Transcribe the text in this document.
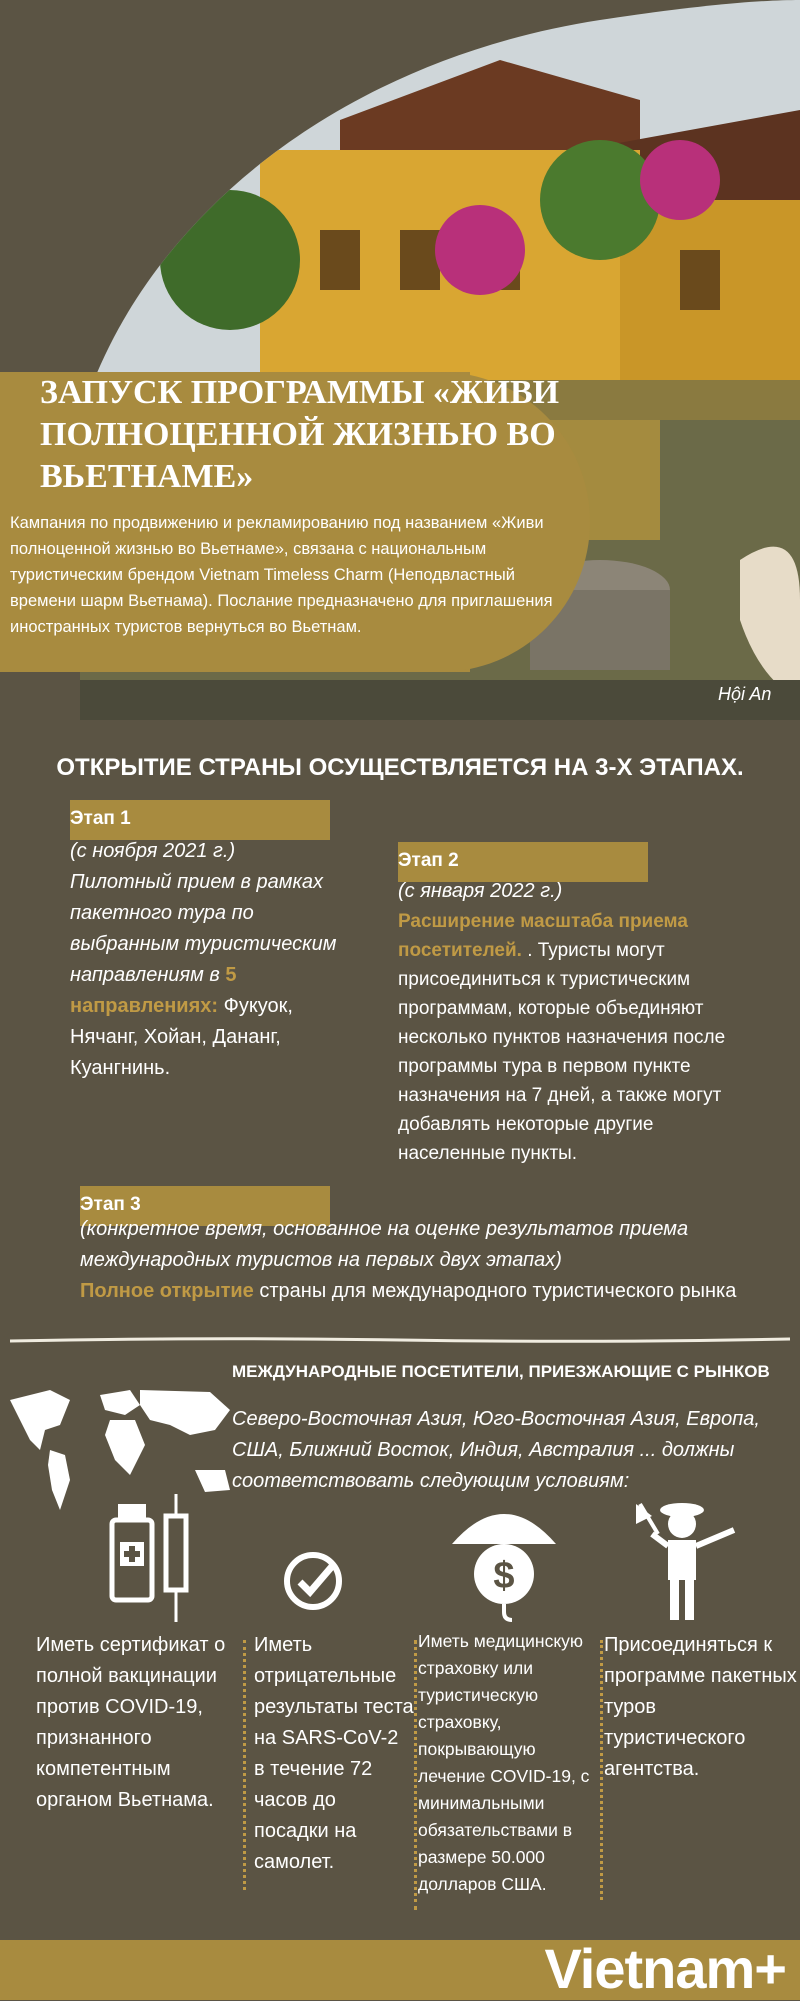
ЗАПУСК ПРОГРАММЫ «ЖИВИ ПОЛНОЦЕННОЙ ЖИЗНЬЮ ВО ВЬЕТНАМЕ»

Кампания по продвижению и рекламированию под названием «Живи полноценной жизнью во Вьетнаме», связана с национальным туристическим брендом Vietnam Timeless Charm (Неподвластный времени шарм Вьетнама). Послание предназначено для приглашения иностранных туристов вернуться во Вьетнам.

Hội An
ОТКРЫТИЕ СТРАНЫ ОСУЩЕСТВЛЯЕТСЯ НА 3-Х ЭТАПАХ.
Этап 1
(с ноября 2021 г.)
Пилотный прием в рамках пакетного тура по выбранным туристическим направлениям в 5 направлениях: Фукуок, Нячанг, Хойан, Дананг, Куангнинь.
Этап 2
(с января 2022 г.)
Расширение масштаба приема посетителей. . Туристы могут присоединиться к туристическим программам, которые объединяют несколько пунктов назначения после программы тура в первом пункте назначения на 7 дней, а также могут добавлять некоторые другие населенные пункты.
Этап 3
(конкретное время, основанное на оценке результатов приема международных туристов на первых двух этапах)
Полное открытие страны для международного туристического рынка
МЕЖДУНАРОДНЫЕ ПОСЕТИТЕЛИ, ПРИЕЗЖАЮЩИЕ С РЫНКОВ

Северо-Восточная Азия, Юго-Восточная Азия, Европа, США, Ближний Восток, Индия, Австралия ... должны соответствовать следующим условиям:

$

Иметь сертификат о полной вакцинации против COVID-19, признанного компетентным органом Вьетнама.

Иметь отрицательные результаты теста на SARS-CoV-2 в течение 72 часов до посадки на самолет.

Иметь медицинскую страховку или туристическую страховку, покрывающую лечение COVID-19, с минимальными обязательствами в размере 50.000 долларов США.

Присоединяться к программе пакетных туров туристического агентства.

Vietnam+
